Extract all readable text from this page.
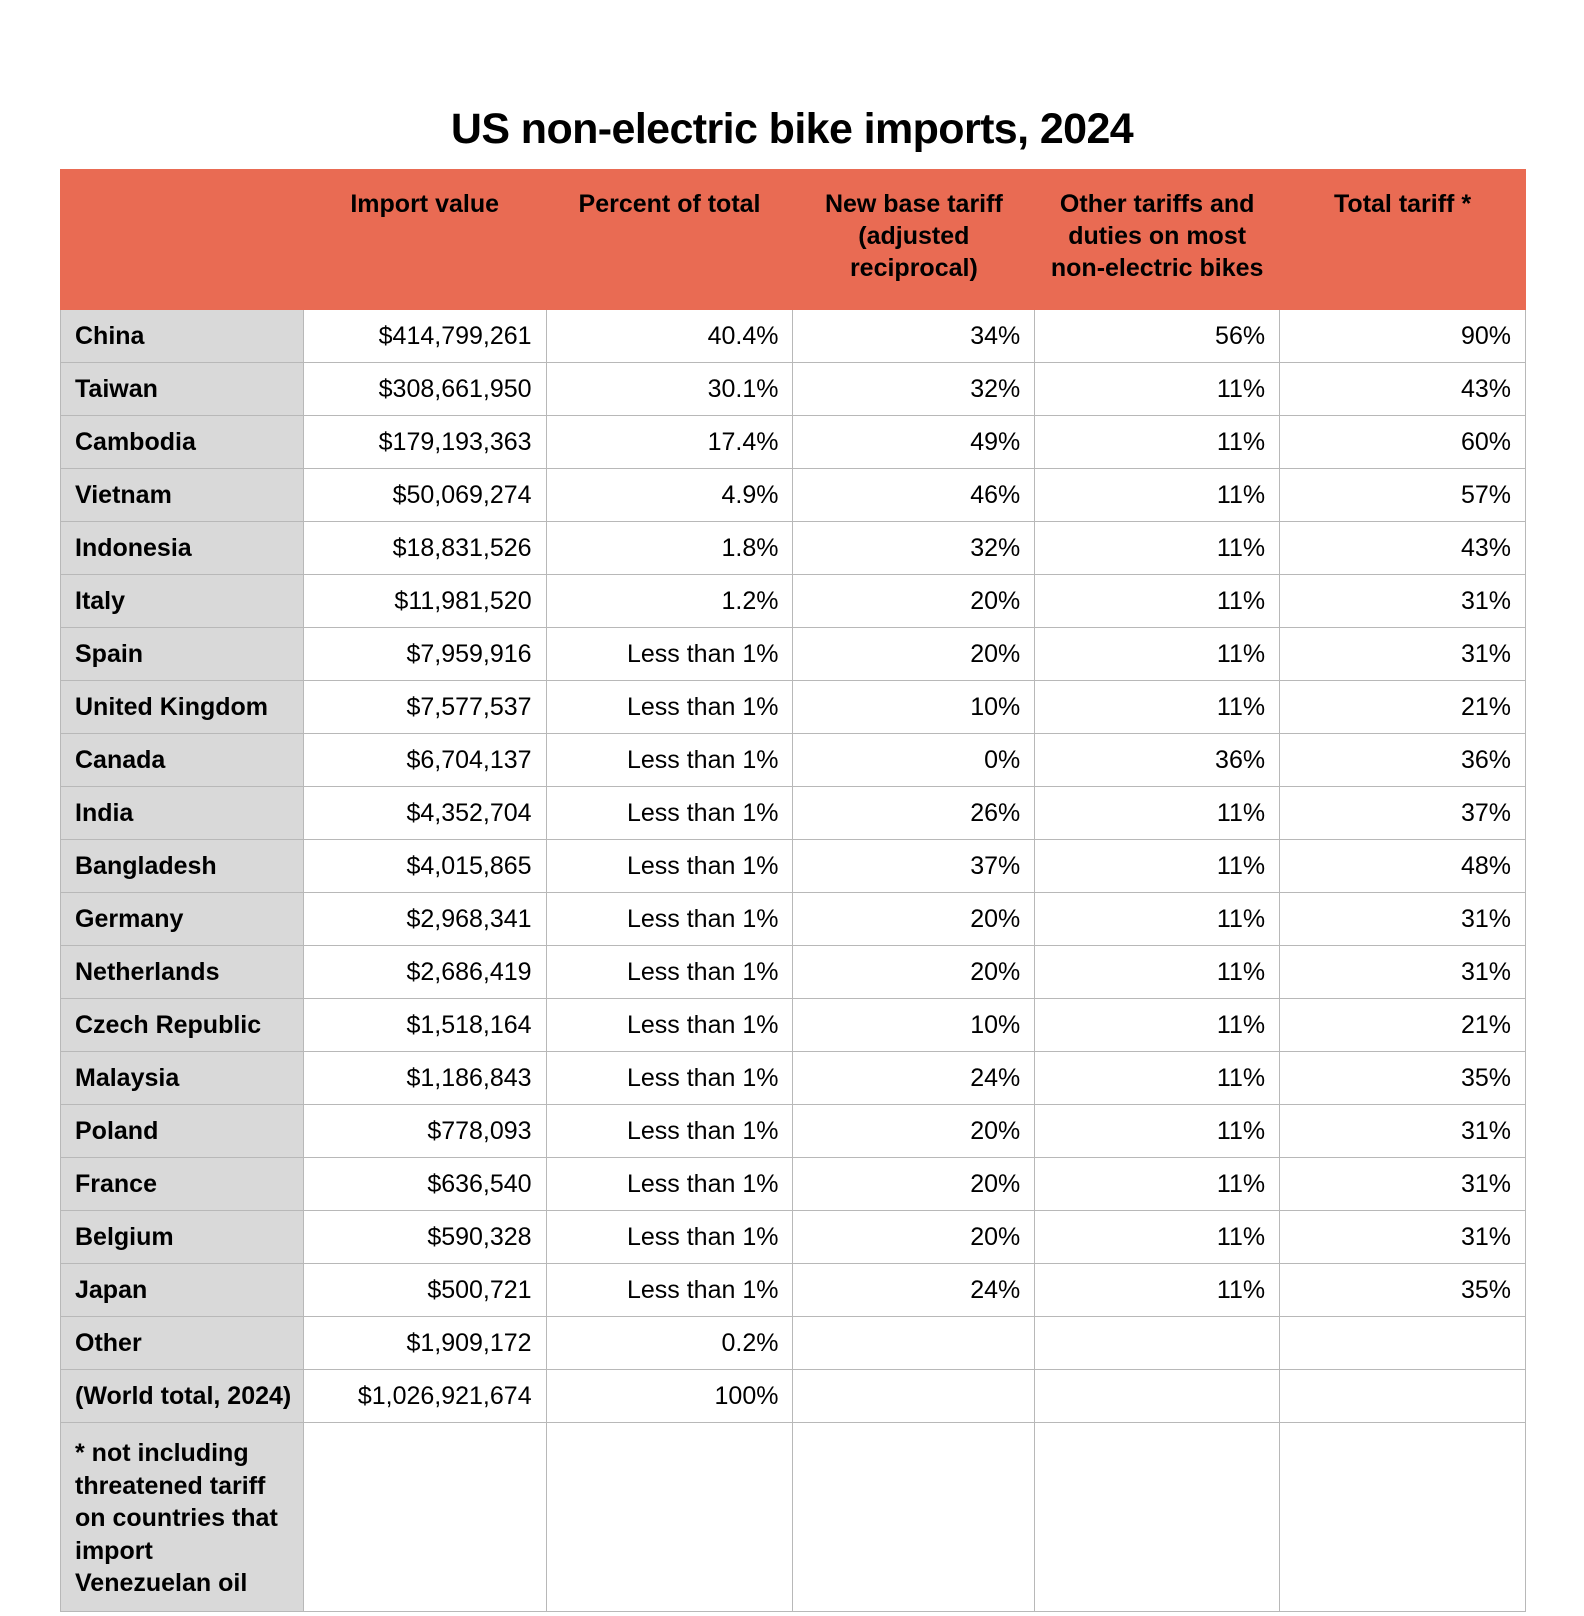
US non-electric bike imports, 2024
	Import value	Percent of total	New base tariff (adjusted reciprocal)	Other tariffs and duties on most non-electric bikes	Total tariff *
China	$414,799,261	40.4%	34%	56%	90%
Taiwan	$308,661,950	30.1%	32%	11%	43%
Cambodia	$179,193,363	17.4%	49%	11%	60%
Vietnam	$50,069,274	4.9%	46%	11%	57%
Indonesia	$18,831,526	1.8%	32%	11%	43%
Italy	$11,981,520	1.2%	20%	11%	31%
Spain	$7,959,916	Less than 1%	20%	11%	31%
United Kingdom	$7,577,537	Less than 1%	10%	11%	21%
Canada	$6,704,137	Less than 1%	0%	36%	36%
India	$4,352,704	Less than 1%	26%	11%	37%
Bangladesh	$4,015,865	Less than 1%	37%	11%	48%
Germany	$2,968,341	Less than 1%	20%	11%	31%
Netherlands	$2,686,419	Less than 1%	20%	11%	31%
Czech Republic	$1,518,164	Less than 1%	10%	11%	21%
Malaysia	$1,186,843	Less than 1%	24%	11%	35%
Poland	$778,093	Less than 1%	20%	11%	31%
France	$636,540	Less than 1%	20%	11%	31%
Belgium	$590,328	Less than 1%	20%	11%	31%
Japan	$500,721	Less than 1%	24%	11%	35%
Other	$1,909,172	0.2%			
(World total, 2024)	$1,026,921,674	100%			
* not including threatened tariff on countries that import Venezuelan oil					
